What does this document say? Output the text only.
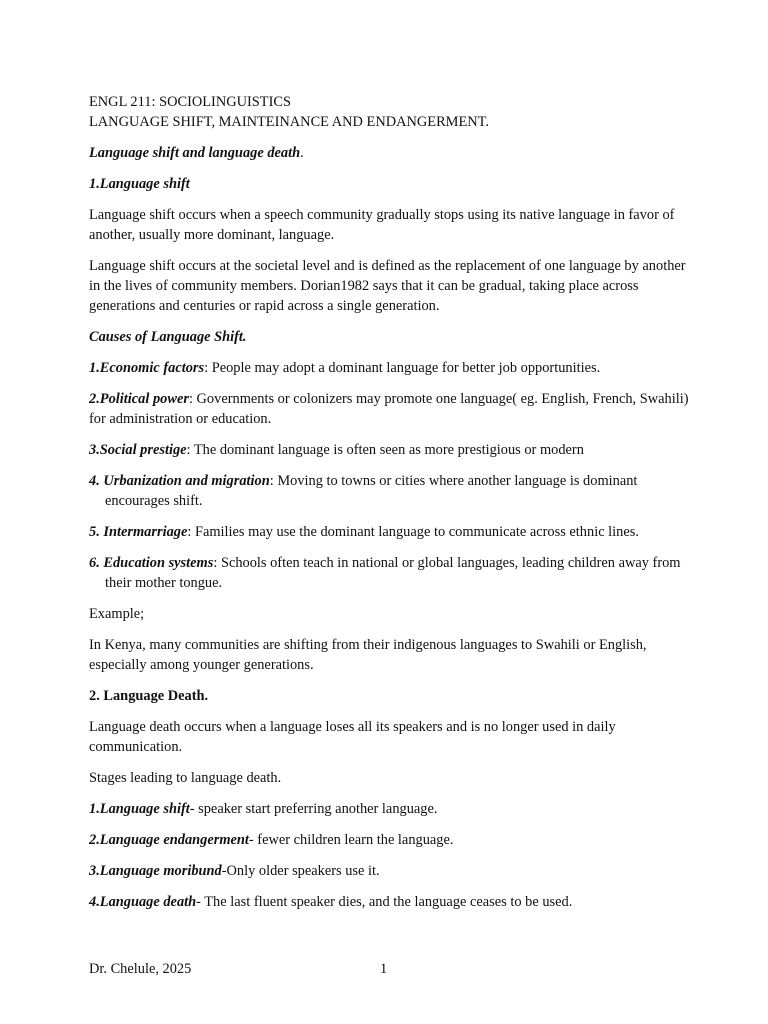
ENGL 211: SOCIOLINGUISTICS

LANGUAGE SHIFT, MAINTEINANCE AND ENDANGERMENT.

Language shift and language death.

1.Language shift

Language shift occurs when a speech community gradually stops using its native language in favor of another, usually more dominant, language.

Language shift occurs at the societal level and is defined as the replacement of one language by another in the lives of community members. Dorian1982 says that it can be gradual, taking place across generations and centuries or rapid across a single generation.

Causes of Language Shift.

1.Economic factors: People may adopt a dominant language for better job opportunities.

2.Political power: Governments or colonizers may promote one language( eg. English, French, Swahili) for administration or education.

3.Social prestige: The dominant language is often seen as more prestigious or modern

4. Urbanization and migration: Moving to towns or cities where another language is dominant encourages shift.

5. Intermarriage: Families may use the dominant language to communicate across ethnic lines.

6. Education systems: Schools often teach in national or global languages, leading children away from their mother tongue.

Example;

In Kenya, many communities are shifting from their indigenous languages to Swahili or English, especially among younger generations.

2. Language Death.

Language death occurs when a language loses all its speakers and is no longer used in daily communication.

Stages leading to language death.

1.Language shift- speaker start preferring another language.

2.Language endangerment- fewer children learn the language.

3.Language moribund-Only older speakers use it.

4.Language death- The last fluent speaker dies, and the language ceases to be used.

Dr. Chelule, 2025	1
